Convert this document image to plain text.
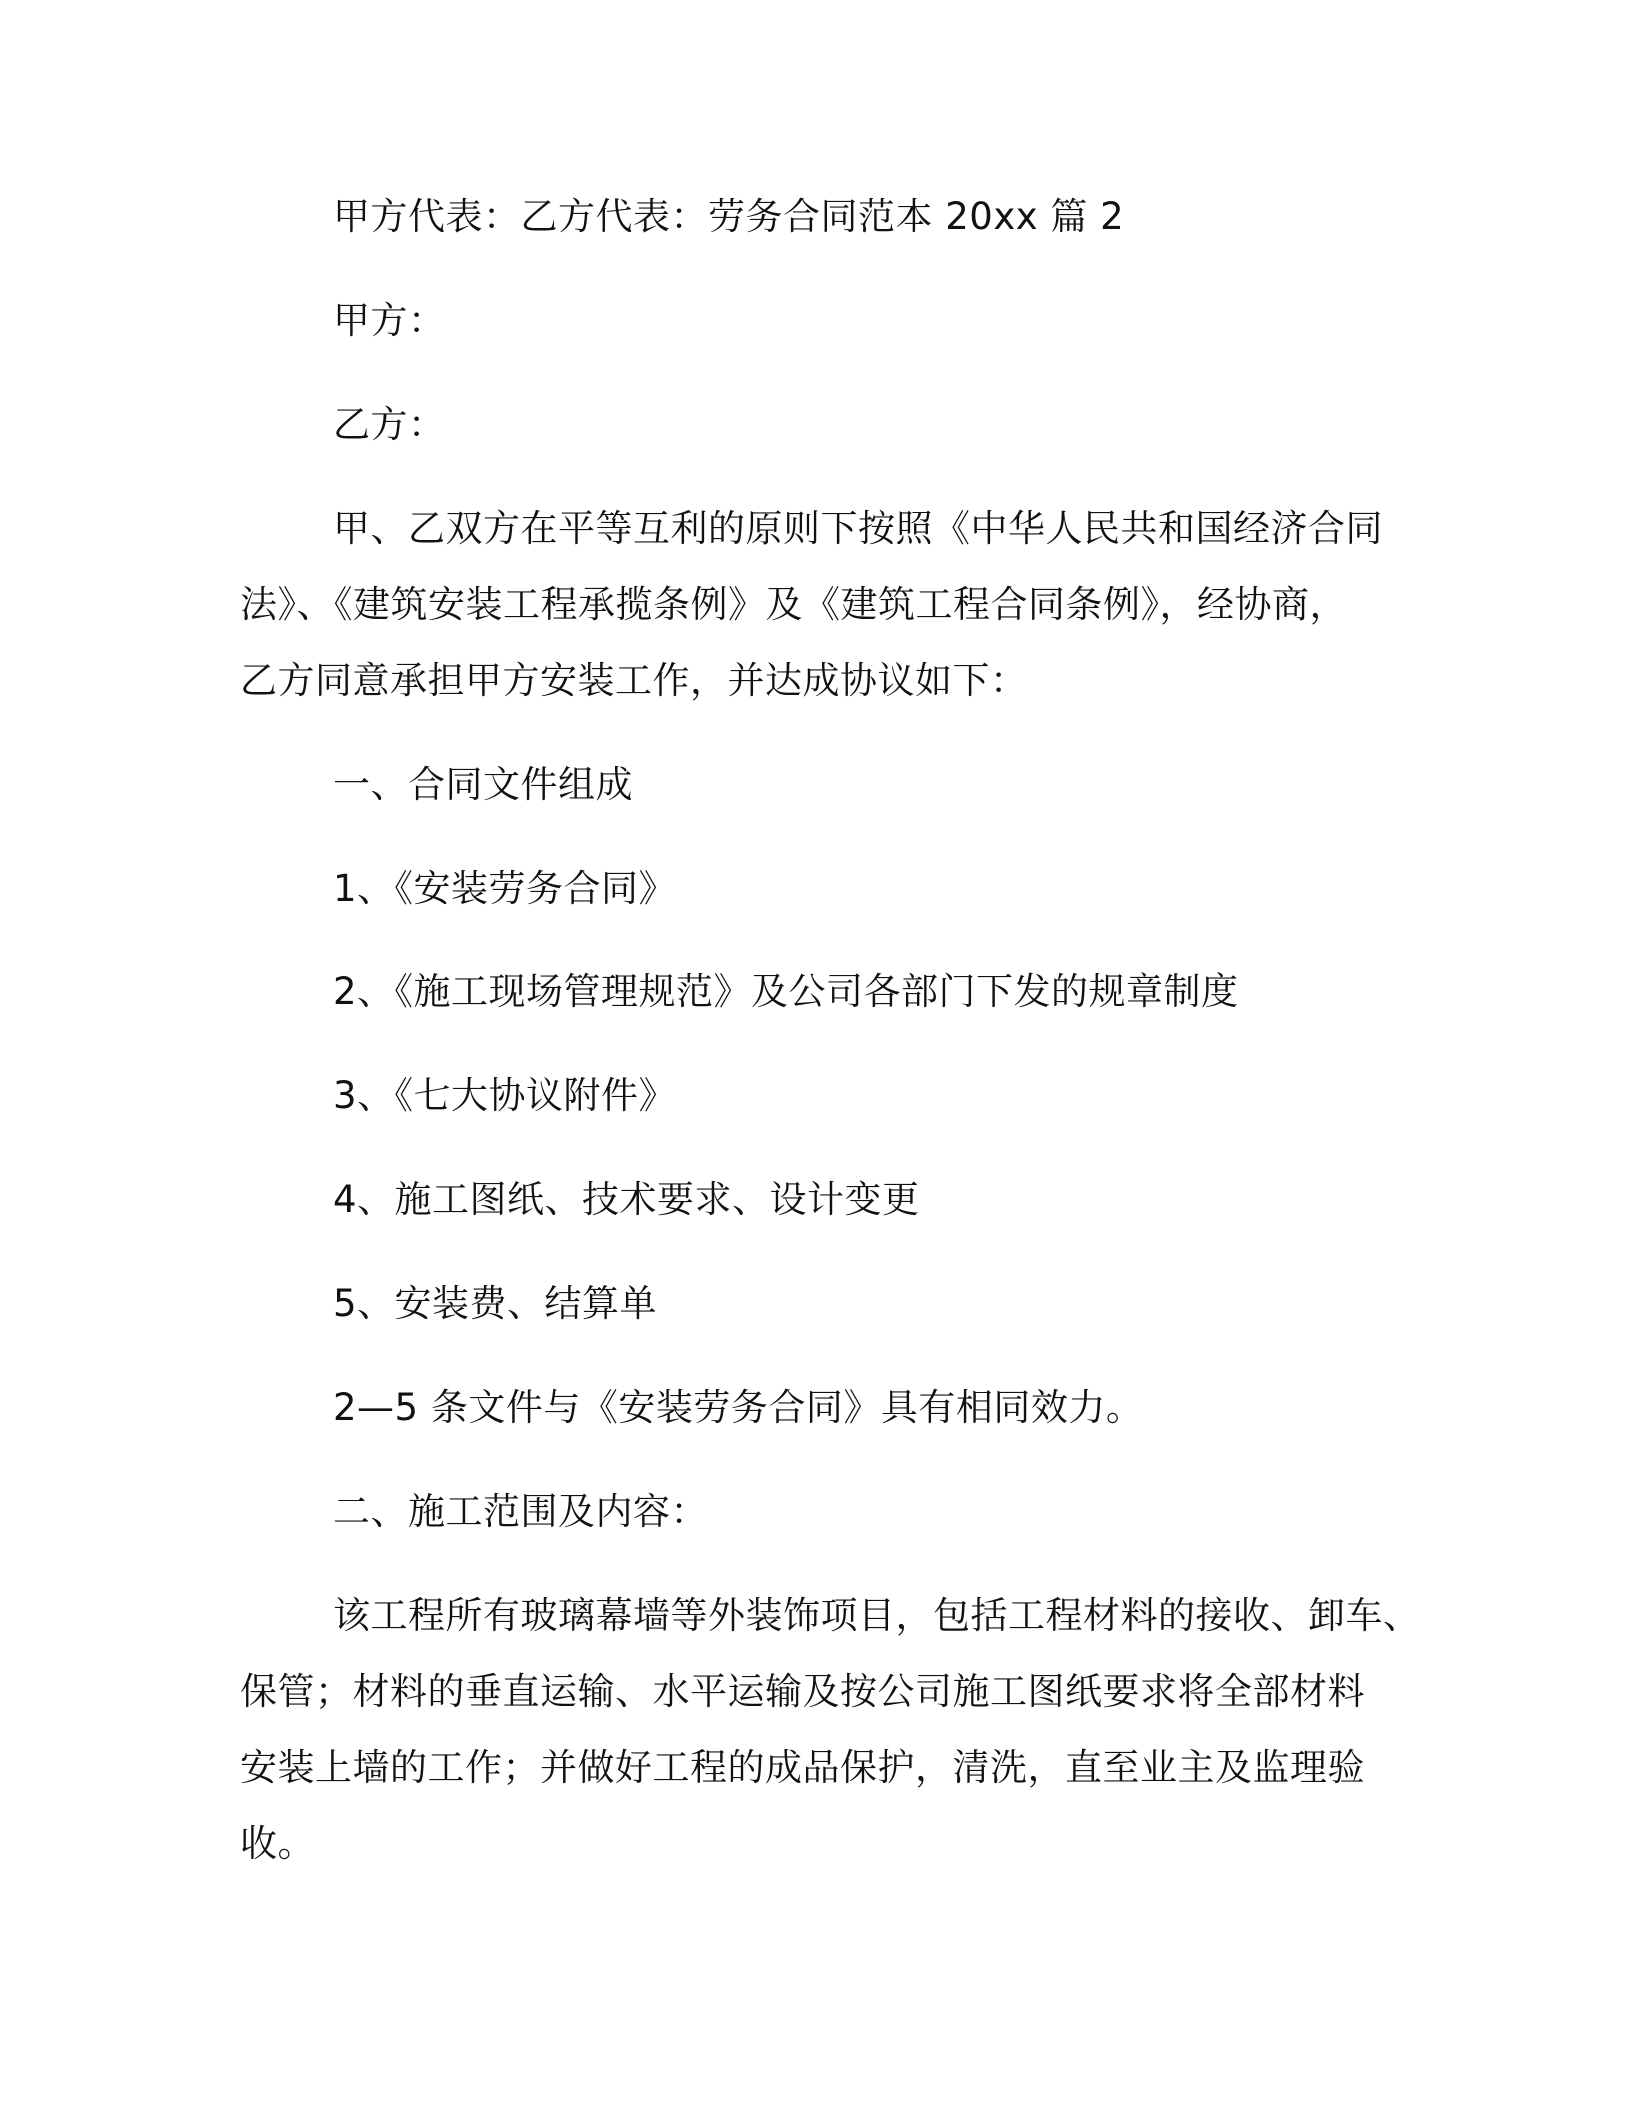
甲方代表：乙方代表：劳务合同范本 20xx 篇 2
甲方：
乙方：
甲、乙双方在平等互利的原则下按照《中华人民共和国经济合同
法》、《建筑安装工程承揽条例》及《建筑工程合同条例》，经协商，
乙方同意承担甲方安装工作，并达成协议如下：
一、合同文件组成
1、《安装劳务合同》
2、《施工现场管理规范》及公司各部门下发的规章制度
3、《七大协议附件》
4、施工图纸、技术要求、设计变更
5、安装费、结算单
2—5 条文件与《安装劳务合同》具有相同效力。
二、施工范围及内容：
该工程所有玻璃幕墙等外装饰项目，包括工程材料的接收、卸车、
保管；材料的垂直运输、水平运输及按公司施工图纸要求将全部材料
安装上墙的工作；并做好工程的成品保护，清洗，直至业主及监理验
收。
